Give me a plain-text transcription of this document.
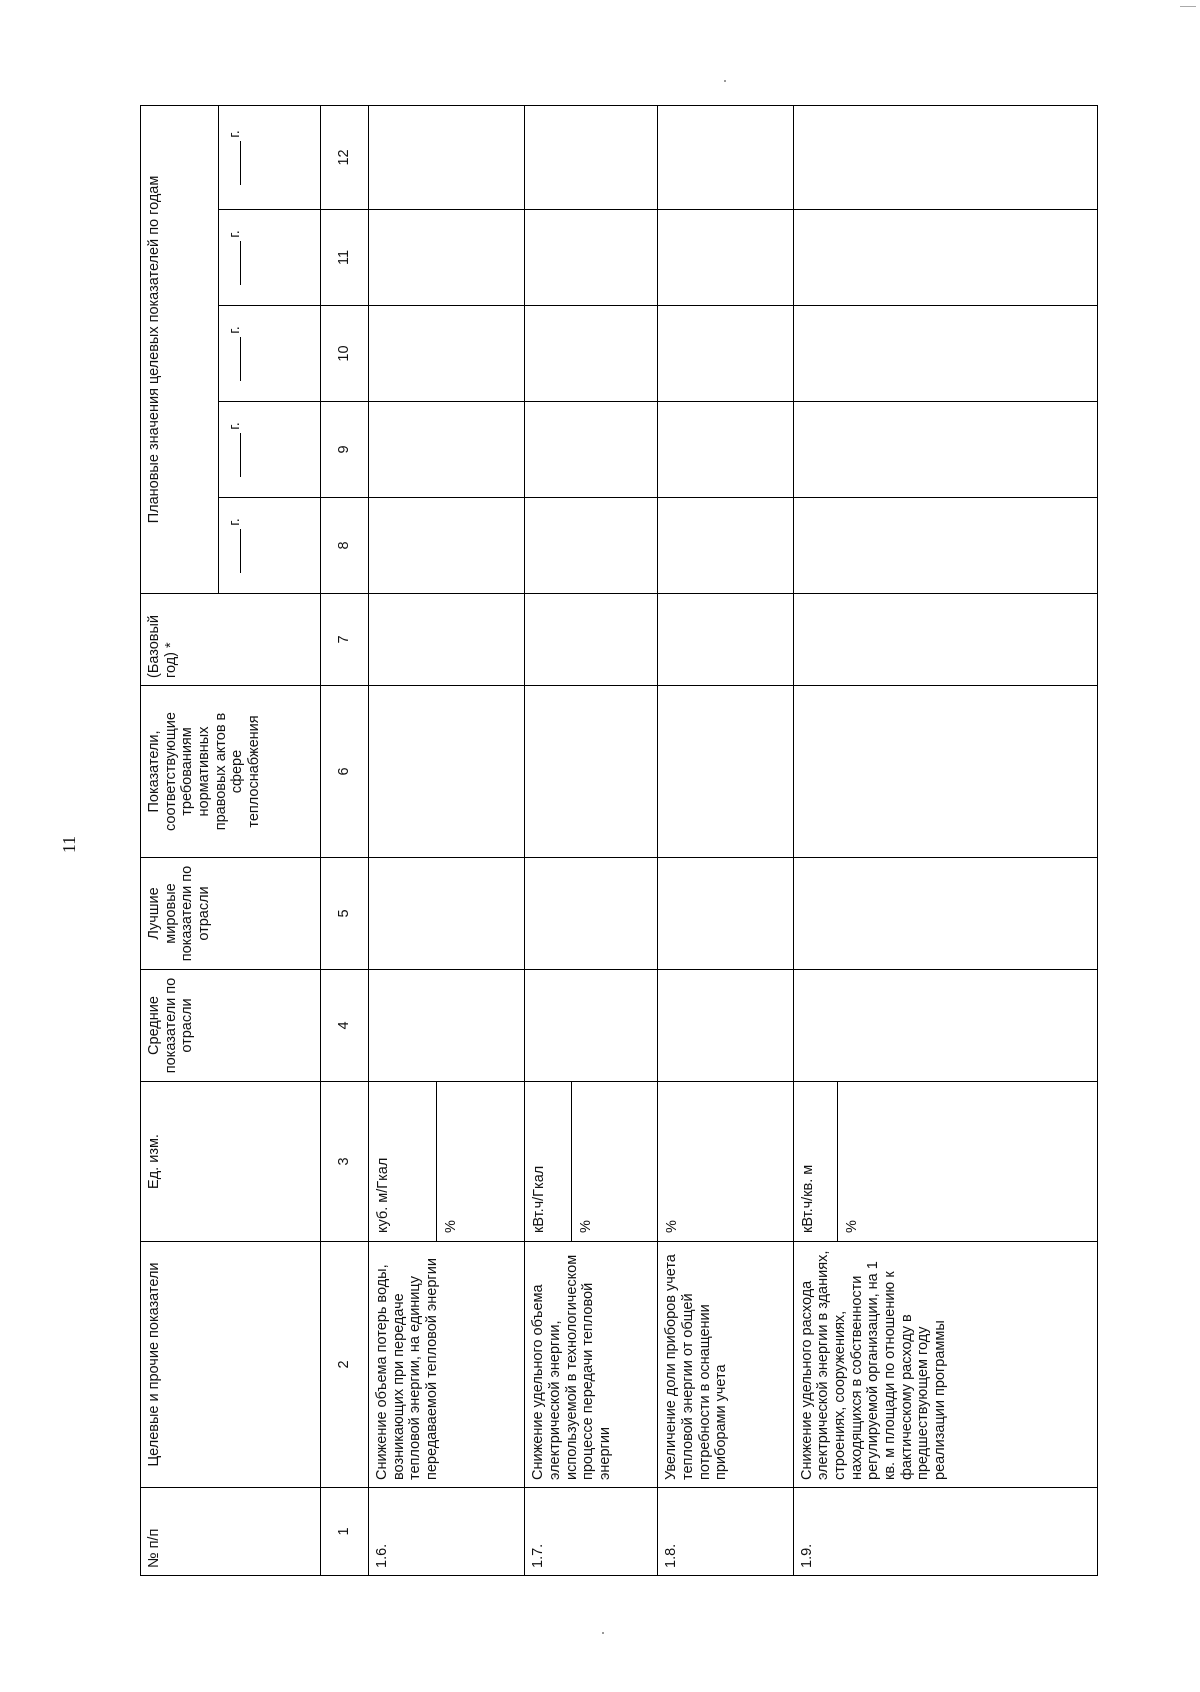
11
№ п/п	Целевые и прочие показатели	Ед. изм.	Средние показатели по отрасли	Лучшие мировые показатели по отрасли	Показатели, соответствующие требованиям нормативных правовых актов в сфере теплоснабжения	(Базовый год) *	Плановые значения целевых показателей по годам				
							г.	г.	г.	г.	г.
1	2	3	4	5	6	7	8	9	10	11	12
1.6.	Снижение объема потерь воды, возникающих при передаче тепловой энергии, на единицу передаваемой тепловой энергии	куб. м/Гкал									
		%									
1.7.	Снижение удельного объема электрической энергии, используемой в технологическом процессе передачи тепловой энергии	кВт.ч/Гкал									
		%									
1.8.	Увеличение доли приборов учета тепловой энергии от общей потребности в оснащении приборами учета	%									
1.9.	Снижение удельного расхода электрической энергии в зданиях, строениях, сооружениях, находящихся в собственности регулируемой организации, на 1 кв. м площади по отношению к фактическому расходу в предшествующем году реализации программы	кВт.ч/кв. м									
		%									
